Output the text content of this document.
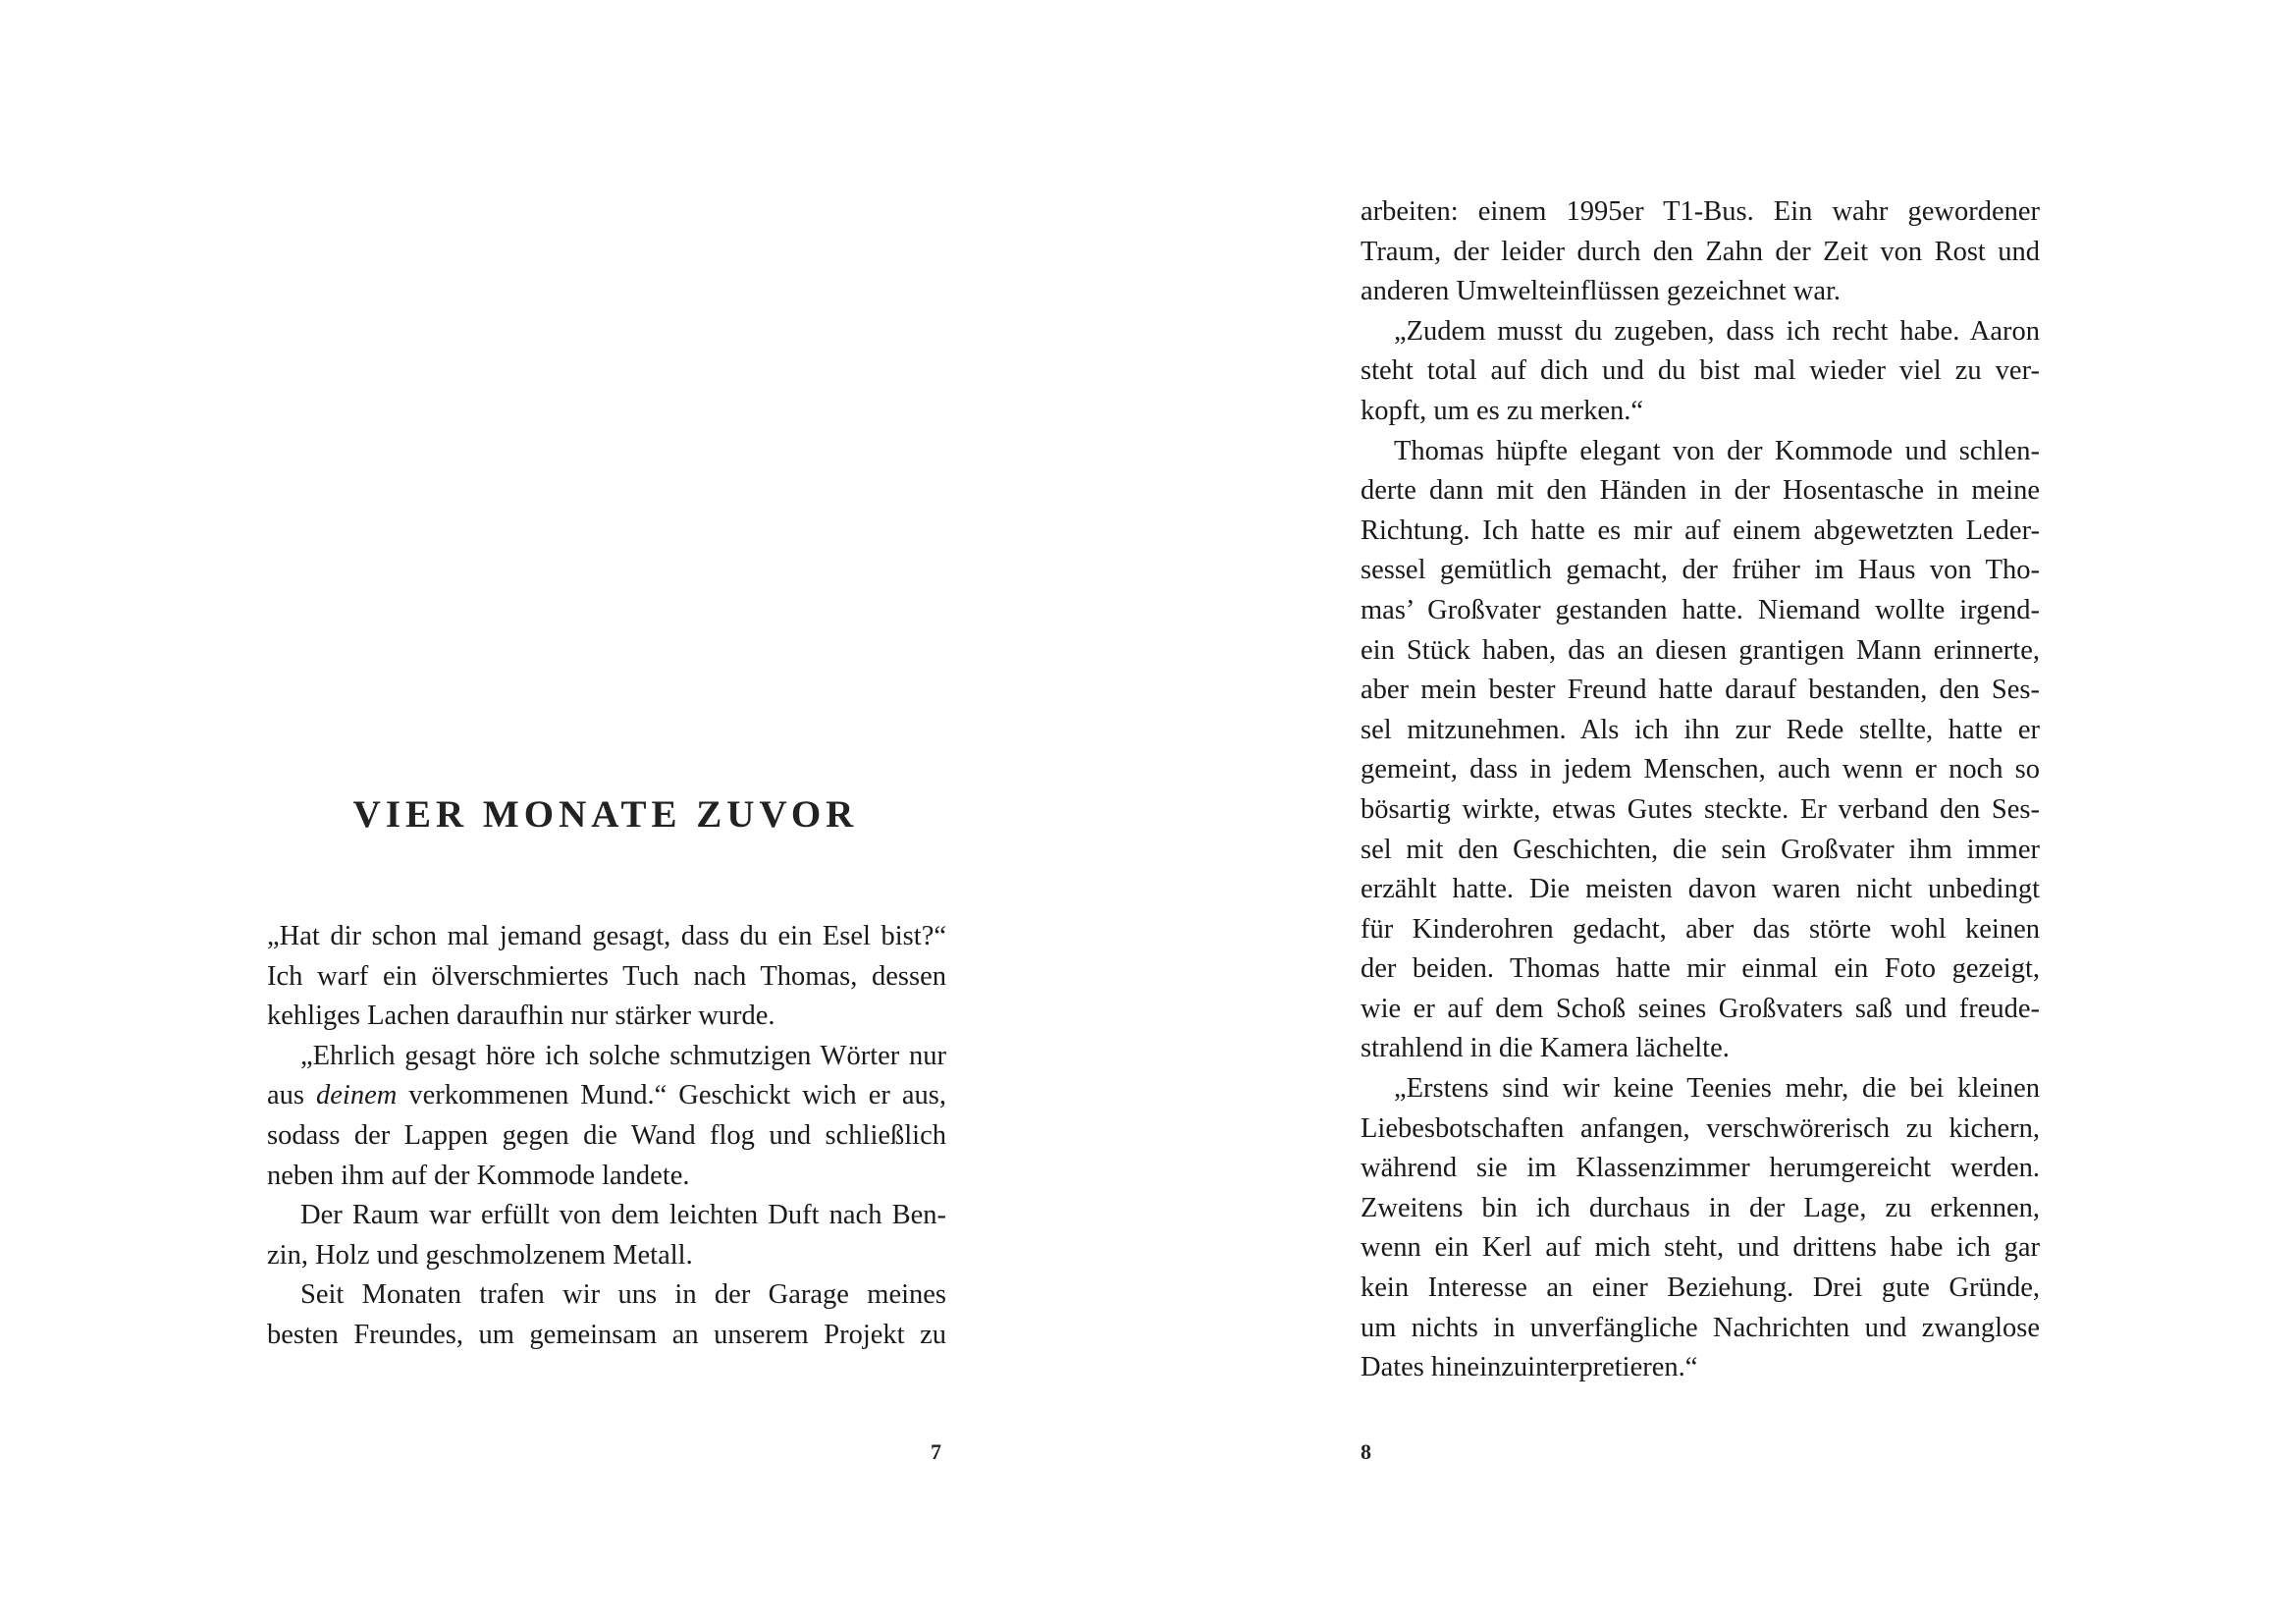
VIER MONATE ZUVOR
„Hat dir schon mal jemand gesagt, dass du ein Esel bist?“
Ich warf ein ölverschmiertes Tuch nach Thomas, dessen
kehliges Lachen daraufhin nur stärker wurde.
„Ehrlich gesagt höre ich solche schmutzigen Wörter nur
aus deinem verkommenen Mund.“ Geschickt wich er aus,
sodass der Lappen gegen die Wand flog und schließlich
neben ihm auf der Kommode landete.
Der Raum war erfüllt von dem leichten Duft nach Ben-
zin, Holz und geschmolzenem Metall.
Seit Monaten trafen wir uns in der Garage meines
besten Freundes, um gemeinsam an unserem Projekt zu

7

arbeiten: einem 1995er T1-Bus. Ein wahr gewordener
Traum, der leider durch den Zahn der Zeit von Rost und
anderen Umwelteinflüssen gezeichnet war.
„Zudem musst du zugeben, dass ich recht habe. Aaron
steht total auf dich und du bist mal wieder viel zu ver-
kopft, um es zu merken.“
Thomas hüpfte elegant von der Kommode und schlen-
derte dann mit den Händen in der Hosentasche in meine
Richtung. Ich hatte es mir auf einem abgewetzten Leder-
sessel gemütlich gemacht, der früher im Haus von Tho-
mas’ Großvater gestanden hatte. Niemand wollte irgend-
ein Stück haben, das an diesen grantigen Mann erinnerte,
aber mein bester Freund hatte darauf bestanden, den Ses-
sel mitzunehmen. Als ich ihn zur Rede stellte, hatte er
gemeint, dass in jedem Menschen, auch wenn er noch so
bösartig wirkte, etwas Gutes steckte. Er verband den Ses-
sel mit den Geschichten, die sein Großvater ihm immer
erzählt hatte. Die meisten davon waren nicht unbedingt
für Kinderohren gedacht, aber das störte wohl keinen
der beiden. Thomas hatte mir einmal ein Foto gezeigt,
wie er auf dem Schoß seines Großvaters saß und freude-
strahlend in die Kamera lächelte.
„Erstens sind wir keine Teenies mehr, die bei kleinen
Liebesbotschaften anfangen, verschwörerisch zu kichern,
während sie im Klassenzimmer herumgereicht werden.
Zweitens bin ich durchaus in der Lage, zu erkennen,
wenn ein Kerl auf mich steht, und drittens habe ich gar
kein Interesse an einer Beziehung. Drei gute Gründe,
um nichts in unverfängliche Nachrichten und zwanglose
Dates hineinzuinterpretieren.“

8
